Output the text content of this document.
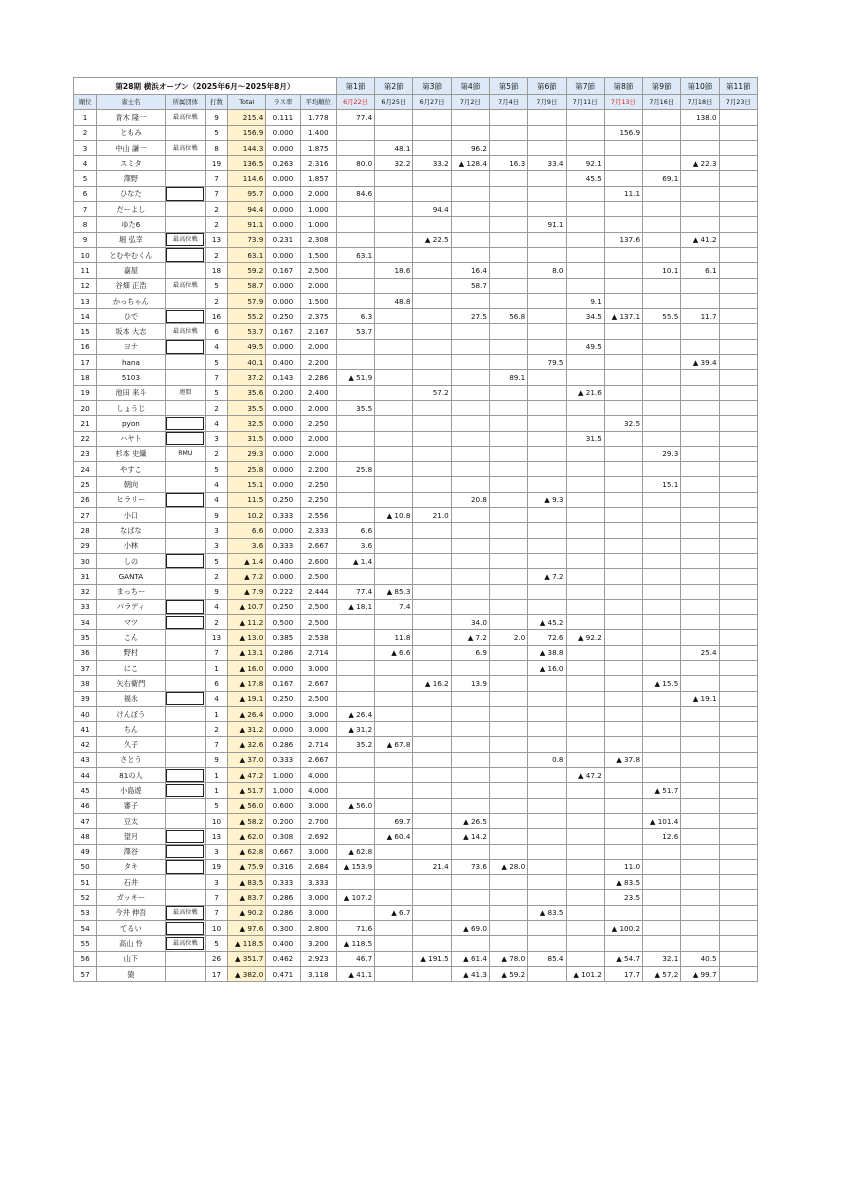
第28期 横浜オープン（2025年6月～2025年8月）							第1節	第2節	第3節	第4節	第5節	第6節	第7節	第8節	第9節	第10節	第11節
順位	雀士名	所属団体	打数	Total	ラス率	平均順位	6月22日	6月25日	6月27日	7月2日	7月4日	7月9日	7月11日	7月13日	7月16日	7月18日	7月23日
1	青木 隆一	最高位戦	9	215.4	0.111	1.778	77.4									138.0	
2	ともみ		5	156.9	0.000	1.400								156.9			
3	中山 謙一	最高位戦	8	144.3	0.000	1.875		48.1		96.2							
4	スミタ		19	136.5	0.263	2.316	80.0	32.2	33.2	▲ 128.4	16.3	33.4	92.1			▲ 22.3	
5	澤野		7	114.6	0.000	1.857							45.5		69.1		
6	ひなた		7	95.7	0.000	2.000	84.6							11.1			
7	だーよし		2	94.4	0.000	1.000			94.4								
8	ゆた6		2	91.1	0.000	1.000						91.1					
9	堀 弘幸	最高位戦	13	73.9	0.231	2.308			▲ 22.5					137.6		▲ 41.2	
10	とむやむくん		2	63.1	0.000	1.500	63.1										
11	嘉屋		18	59.2	0.167	2.500		18.6		16.4		8.0			10.1	6.1	
12	谷畑 正浩	最高位戦	5	58.7	0.000	2.000				58.7							
13	かっちゃん		2	57.9	0.000	1.500		48.8					9.1				
14	ひで		16	55.2	0.250	2.375	6.3			27.5	56.8		34.5	▲ 137.1	55.5	11.7	
15	坂本 大志	最高位戦	6	53.7	0.167	2.167	53.7										
16	ヨナ		4	49.5	0.000	2.000							49.5				
17	hana		5	40.1	0.400	2.200						79.5				▲ 39.4	
18	5103		7	37.2	0.143	2.286	▲ 51.9				89.1						
19	池田 来斗	連盟	5	35.6	0.200	2.400			57.2				▲ 21.6				
20	しょうじ		2	35.5	0.000	2.000	35.5										
21	pyon		4	32.5	0.000	2.250								32.5			
22	ハヤト		3	31.5	0.000	2.000							31.5				
23	杉本 史織	RMU	2	29.3	0.000	2.000									29.3		
24	やすこ		5	25.8	0.000	2.200	25.8										
25	朝向		4	15.1	0.000	2.250									15.1		
26	ヒラリー		4	11.5	0.250	2.250				20.8		▲ 9.3					
27	小口		9	10.2	0.333	2.556		▲ 10.8	21.0								
28	なぱな		3	6.6	0.000	2.333	6.6										
29	小林		3	3.6	0.333	2.667	3.6										
30	しの		5	▲ 1.4	0.400	2.600	▲ 1.4										
31	GANTA		2	▲ 7.2	0.000	2.500						▲ 7.2					
32	まっちー		9	▲ 7.9	0.222	2.444	77.4	▲ 85.3									
33	パラディ		4	▲ 10.7	0.250	2.500	▲ 18.1	7.4									
34	マツ		2	▲ 11.2	0.500	2.500				34.0		▲ 45.2					
35	こん		13	▲ 13.0	0.385	2.538		11.8		▲ 7.2	2.0	72.6	▲ 92.2				
36	野村		7	▲ 13.1	0.286	2.714		▲ 6.6		6.9		▲ 38.8				25.4	
37	にこ		1	▲ 16.0	0.000	3.000						▲ 16.0					
38	矢右衛門		6	▲ 17.8	0.167	2.667			▲ 16.2	13.9					▲ 15.5		
39	福永		4	▲ 19.1	0.250	2.500										▲ 19.1	
40	けんぼう		1	▲ 26.4	0.000	3.000	▲ 26.4										
41	ちん		2	▲ 31.2	0.000	3.000	▲ 31.2										
42	久子		7	▲ 32.6	0.286	2.714	35.2	▲ 67.8									
43	さとう		9	▲ 37.0	0.333	2.667						0.8		▲ 37.8			
44	81の人		1	▲ 47.2	1.000	4.000							▲ 47.2				
45	小島遊		1	▲ 51.7	1.000	4.000									▲ 51.7		
46	審子		5	▲ 56.0	0.600	3.000	▲ 56.0										
47	豆太		10	▲ 58.2	0.200	2.700		69.7		▲ 26.5					▲ 101.4		
48	望月		13	▲ 62.0	0.308	2.692		▲ 60.4		▲ 14.2					12.6		
49	澤谷		3	▲ 62.8	0.667	3.000	▲ 62.8										
50	タキ		19	▲ 75.9	0.316	2.684	▲ 153.9		21.4	73.6	▲ 28.0			11.0			
51	石井		3	▲ 83.5	0.333	3.333								▲ 83.5			
52	ガッキー		7	▲ 83.7	0.286	3.000	▲ 107.2							23.5			
53	今井 伸吾	最高位戦	7	▲ 90.2	0.286	3.000		▲ 6.7				▲ 83.5					
54	てるい		10	▲ 97.6	0.300	2.800	71.6			▲ 69.0				▲ 100.2			
55	高山 怜	最高位戦	5	▲ 118.5	0.400	3.200	▲ 118.5										
56	山下		26	▲ 351.7	0.462	2.923	46.7		▲ 191.5	▲ 61.4	▲ 78.0	85.4		▲ 54.7	32.1	40.5	
57	猿		17	▲ 382.0	0.471	3.118	▲ 41.1			▲ 41.3	▲ 59.2		▲ 101.2	17.7	▲ 57.2	▲ 99.7	
